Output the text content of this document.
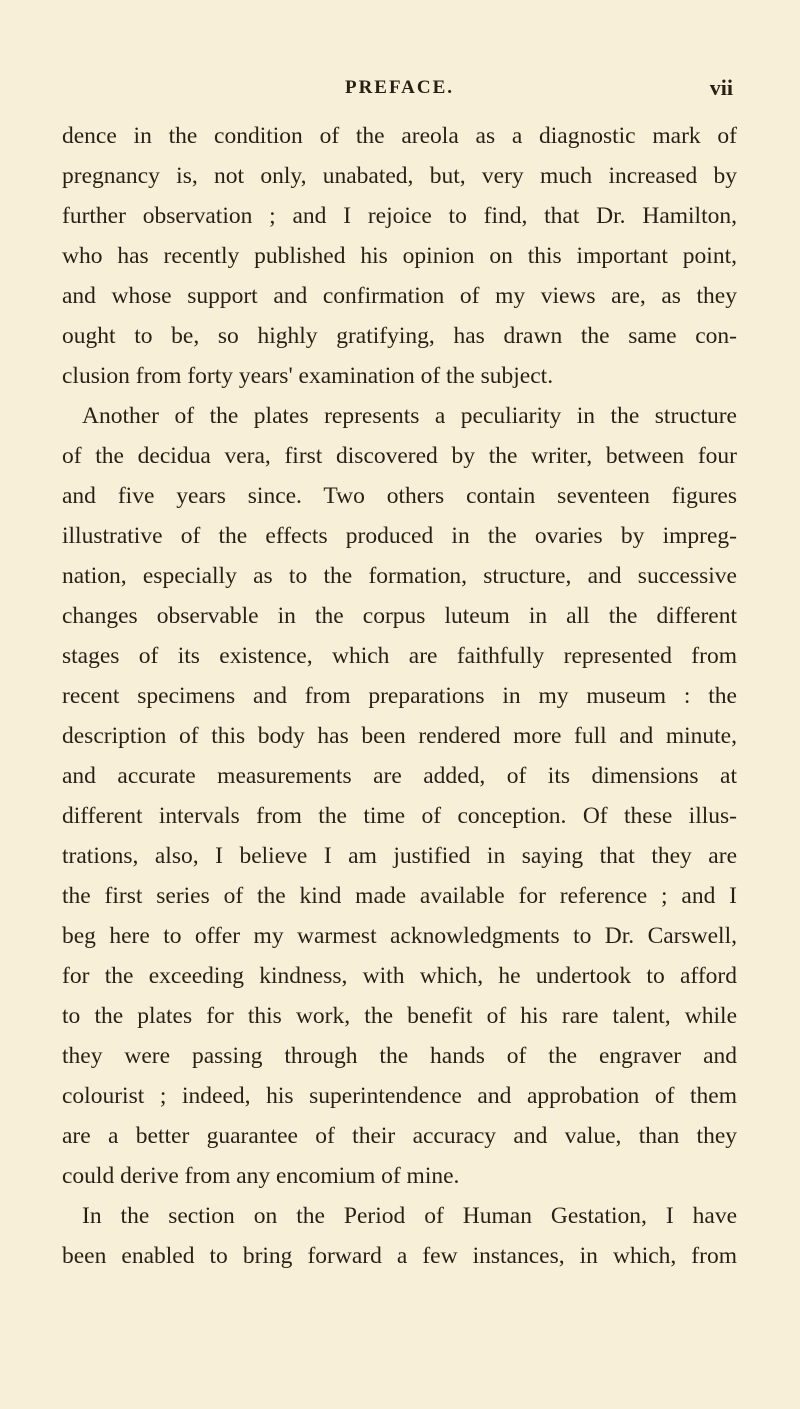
PREFACE.	vii
dence in the condition of the areola as a diagnostic mark of
pregnancy is, not only, unabated, but, very much increased by
further observation ; and I rejoice to find, that Dr. Hamilton,
who has recently published his opinion on this important point,
and whose support and confirmation of my views are, as they
ought to be, so highly gratifying, has drawn the same con-
clusion from forty years' examination of the subject.
Another of the plates represents a peculiarity in the structure
of the decidua vera, first discovered by the writer, between four
and five years since. Two others contain seventeen figures
illustrative of the effects produced in the ovaries by impreg-
nation, especially as to the formation, structure, and successive
changes observable in the corpus luteum in all the different
stages of its existence, which are faithfully represented from
recent specimens and from preparations in my museum : the
description of this body has been rendered more full and minute,
and accurate measurements are added, of its dimensions at
different intervals from the time of conception. Of these illus-
trations, also, I believe I am justified in saying that they are
the first series of the kind made available for reference ; and I
beg here to offer my warmest acknowledgments to Dr. Carswell,
for the exceeding kindness, with which, he undertook to afford
to the plates for this work, the benefit of his rare talent, while
they were passing through the hands of the engraver and
colourist ; indeed, his superintendence and approbation of them
are a better guarantee of their accuracy and value, than they
could derive from any encomium of mine.
In the section on the Period of Human Gestation, I have
been enabled to bring forward a few instances, in which, from
